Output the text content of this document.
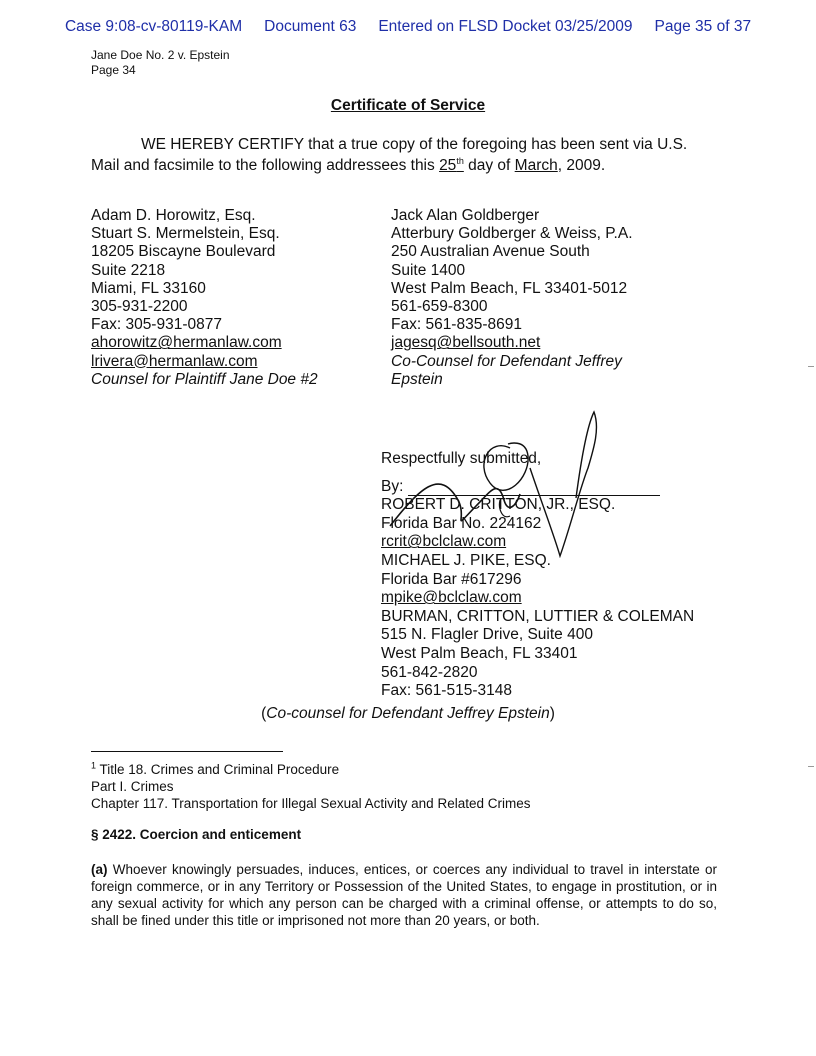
Case 9:08-cv-80119-KAM Document 63 Entered on FLSD Docket 03/25/2009 Page 35 of 37
Jane Doe No. 2 v. Epstein
Page 34
Certificate of Service
WE HEREBY CERTIFY that a true copy of the foregoing has been sent via U.S.
Mail and facsimile to the following addressees this 25th day of March, 2009.
Adam D. Horowitz, Esq.
Stuart S. Mermelstein, Esq.
18205 Biscayne Boulevard
Suite 2218
Miami, FL 33160
305-931-2200
Fax: 305-931-0877
ahorowitz@hermanlaw.com
lrivera@hermanlaw.com
Counsel for Plaintiff Jane Doe #2
Jack Alan Goldberger
Atterbury Goldberger & Weiss, P.A.
250 Australian Avenue South
Suite 1400
West Palm Beach, FL 33401-5012
561-659-8300
Fax: 561-835-8691
jagesq@bellsouth.net
Co-Counsel for Defendant Jeffrey
Epstein
Respectfully submitted,
By:
ROBERT D. CRITTON, JR., ESQ.
Florida Bar No. 224162
rcrit@bclclaw.com
MICHAEL J. PIKE, ESQ.
Florida Bar #617296
mpike@bclclaw.com
BURMAN, CRITTON, LUTTIER & COLEMAN
515 N. Flagler Drive, Suite 400
West Palm Beach, FL 33401
561-842-2820
Fax: 561-515-3148
(Co-counsel for Defendant Jeffrey Epstein)
$^1$ Title 18. Crimes and Criminal Procedure
Part I. Crimes
Chapter 117. Transportation for Illegal Sexual Activity and Related Crimes
§ 2422. Coercion and enticement
(a) Whoever knowingly persuades, induces, entices, or coerces any individual to travel in interstate or foreign commerce, or in any Territory or Possession of the United States, to engage in prostitution, or in any sexual activity for which any person can be charged with a criminal offense, or attempts to do so, shall be fined under this title or imprisoned not more than 20 years, or both.
